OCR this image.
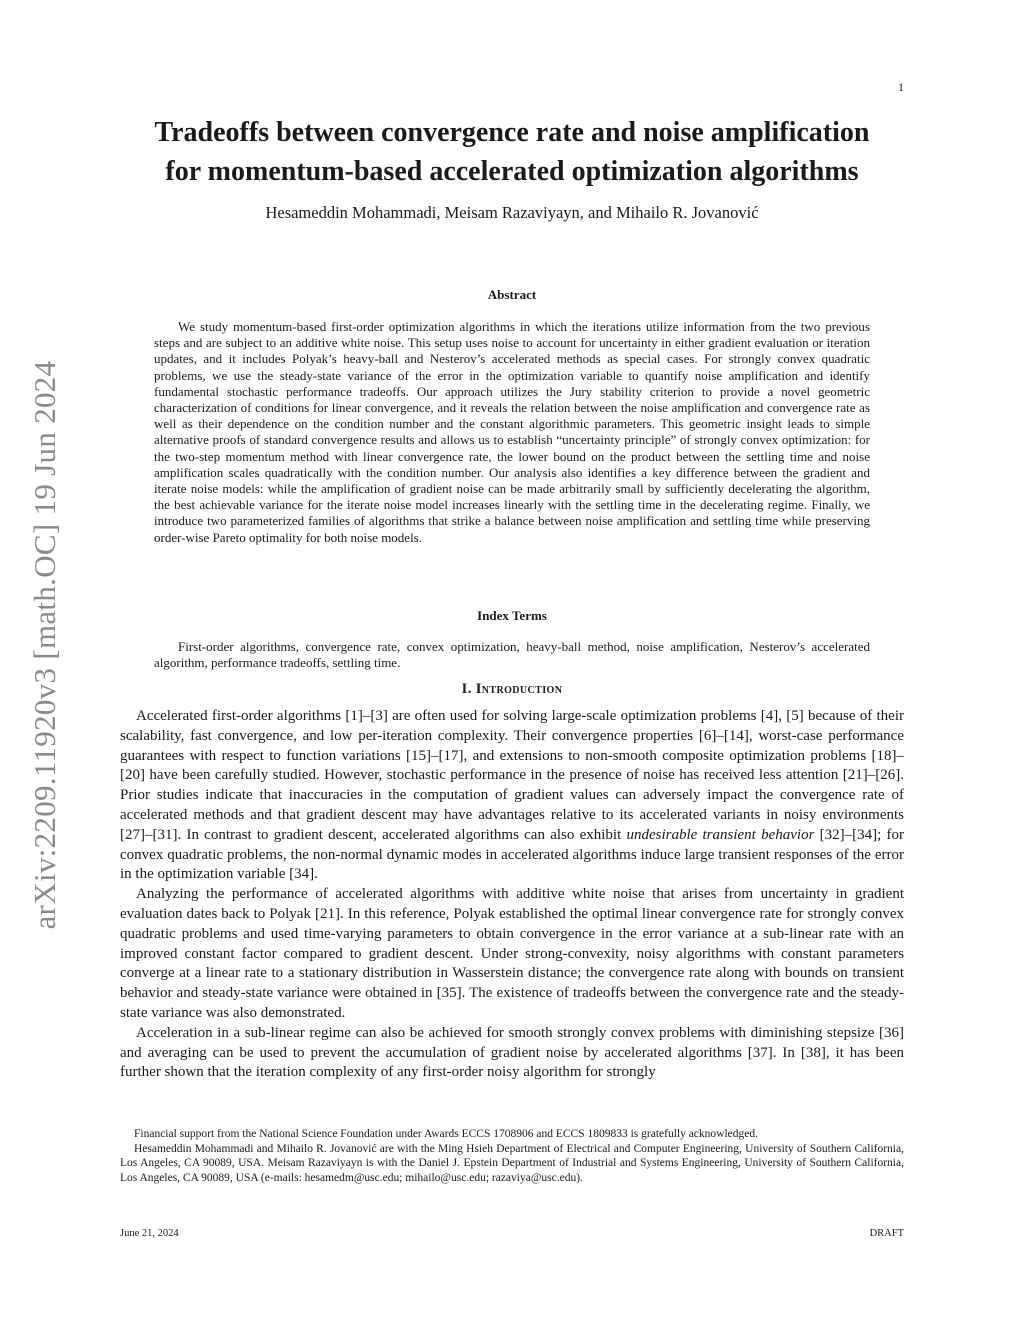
1
arXiv:2209.11920v3 [math.OC] 19 Jun 2024
Tradeoffs between convergence rate and noise amplification
for momentum-based accelerated optimization algorithms

Hesameddin Mohammadi, Meisam Razaviyayn, and Mihailo R. Jovanović

Abstract

We study momentum-based first-order optimization algorithms in which the iterations utilize information from the two previous steps and are subject to an additive white noise. This setup uses noise to account for uncertainty in either gradient evaluation or iteration updates, and it includes Polyak’s heavy-ball and Nesterov’s accelerated methods as special cases. For strongly convex quadratic problems, we use the steady-state variance of the error in the optimization variable to quantify noise amplification and identify fundamental stochastic performance tradeoffs. Our approach utilizes the Jury stability criterion to provide a novel geometric characterization of conditions for linear convergence, and it reveals the relation between the noise amplification and convergence rate as well as their dependence on the condition number and the constant algorithmic parameters. This geometric insight leads to simple alternative proofs of standard convergence results and allows us to establish “uncertainty principle” of strongly convex optimization: for the two-step momentum method with linear convergence rate, the lower bound on the product between the settling time and noise amplification scales quadratically with the condition number. Our analysis also identifies a key difference between the gradient and iterate noise models: while the amplification of gradient noise can be made arbitrarily small by sufficiently decelerating the algorithm, the best achievable variance for the iterate noise model increases linearly with the settling time in the decelerating regime. Finally, we introduce two parameterized families of algorithms that strike a balance between noise amplification and settling time while preserving order-wise Pareto optimality for both noise models.

Index Terms

First-order algorithms, convergence rate, convex optimization, heavy-ball method, noise amplification, Nesterov’s accelerated algorithm, performance tradeoffs, settling time.

I. Introduction

Accelerated first-order algorithms [1]–[3] are often used for solving large-scale optimization problems [4], [5] because of their scalability, fast convergence, and low per-iteration complexity. Their convergence properties [6]–[14], worst-case performance guarantees with respect to function variations [15]–[17], and extensions to non-smooth composite optimization problems [18]–[20] have been carefully studied. However, stochastic performance in the presence of noise has received less attention [21]–[26]. Prior studies indicate that inaccuracies in the computation of gradient values can adversely impact the convergence rate of accelerated methods and that gradient descent may have advantages relative to its accelerated variants in noisy environments [27]–[31]. In contrast to gradient descent, accelerated algorithms can also exhibit undesirable transient behavior [32]–[34]; for convex quadratic problems, the non-normal dynamic modes in accelerated algorithms induce large transient responses of the error in the optimization variable [34].

Analyzing the performance of accelerated algorithms with additive white noise that arises from uncertainty in gradient evaluation dates back to Polyak [21]. In this reference, Polyak established the optimal linear convergence rate for strongly convex quadratic problems and used time-varying parameters to obtain convergence in the error variance at a sub-linear rate with an improved constant factor compared to gradient descent. Under strong-convexity, noisy algorithms with constant parameters converge at a linear rate to a stationary distribution in Wasserstein distance; the convergence rate along with bounds on transient behavior and steady-state variance were obtained in [35]. The existence of tradeoffs between the convergence rate and the steady-state variance was also demonstrated.

Acceleration in a sub-linear regime can also be achieved for smooth strongly convex problems with diminishing stepsize [36] and averaging can be used to prevent the accumulation of gradient noise by accelerated algorithms [37]. In [38], it has been further shown that the iteration complexity of any first-order noisy algorithm for strongly

Financial support from the National Science Foundation under Awards ECCS 1708906 and ECCS 1809833 is gratefully acknowledged.

Hesameddin Mohammadi and Mihailo R. Jovanović are with the Ming Hsieh Department of Electrical and Computer Engineering, University of Southern California, Los Angeles, CA 90089, USA. Meisam Razaviyayn is with the Daniel J. Epstein Department of Industrial and Systems Engineering, University of Southern California, Los Angeles, CA 90089, USA (e-mails: hesamedm@usc.edu; mihailo@usc.edu; razaviya@usc.edu).

June 21, 2024	DRAFT
